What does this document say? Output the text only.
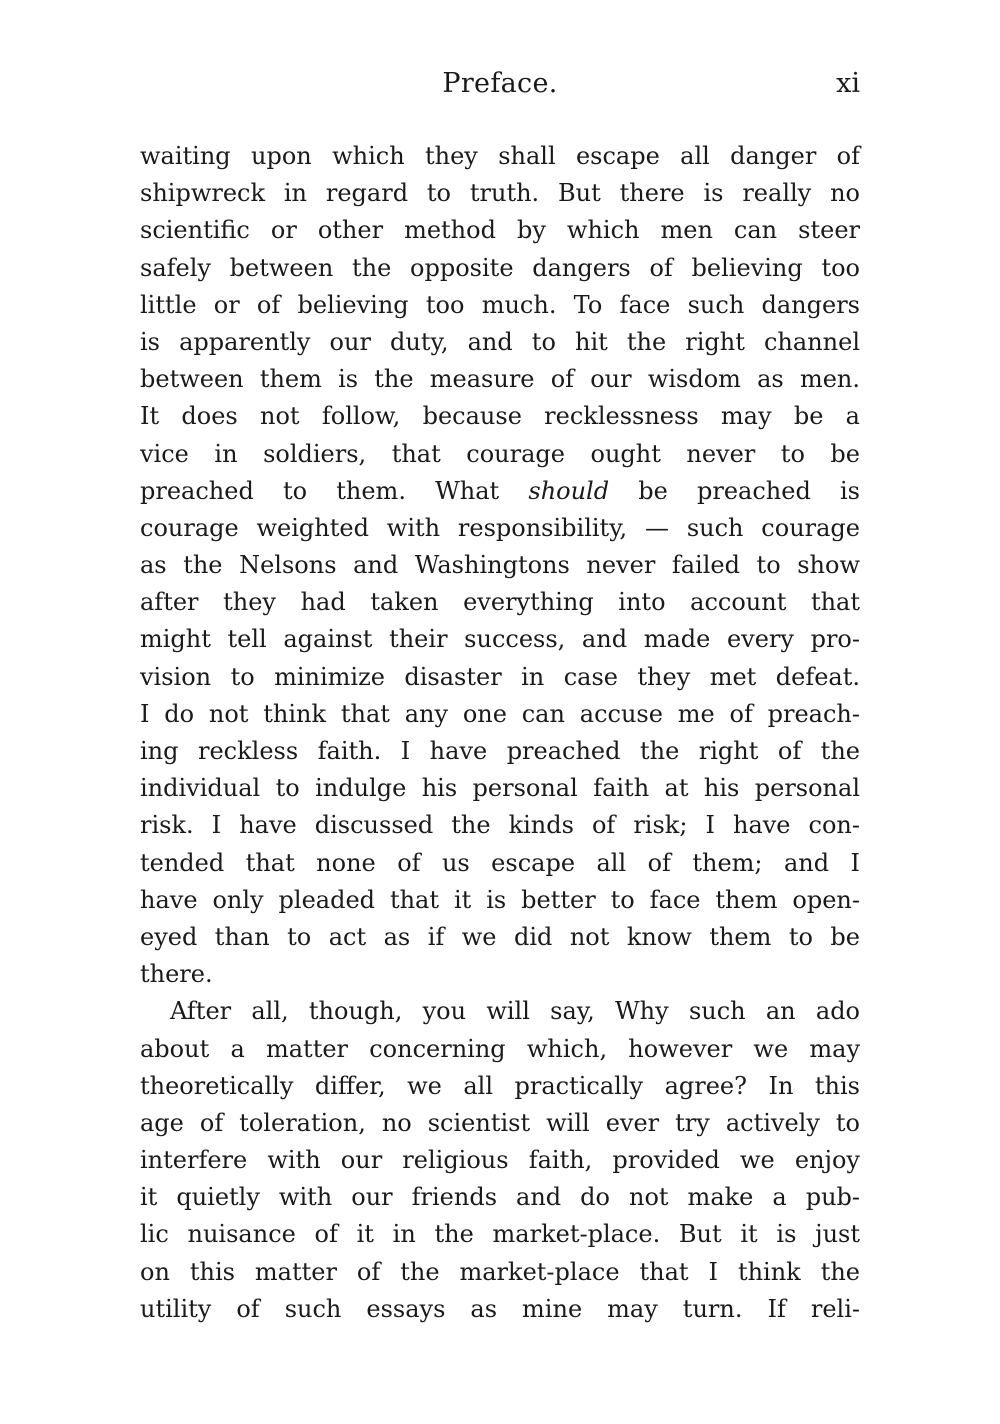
Preface.	xi
waiting upon which they shall escape all danger of
shipwreck in regard to truth. But there is really no
scientific or other method by which men can steer
safely between the opposite dangers of believing too
little or of believing too much. To face such dangers
is apparently our duty, and to hit the right channel
between them is the measure of our wisdom as men.
It does not follow, because recklessness may be a
vice in soldiers, that courage ought never to be
preached to them. What should be preached is
courage weighted with responsibility, — such courage
as the Nelsons and Washingtons never failed to show
after they had taken everything into account that
might tell against their success, and made every pro-
vision to minimize disaster in case they met defeat.
I do not think that any one can accuse me of preach-
ing reckless faith. I have preached the right of the
individual to indulge his personal faith at his personal
risk. I have discussed the kinds of risk; I have con-
tended that none of us escape all of them; and I
have only pleaded that it is better to face them open-
eyed than to act as if we did not know them to be
there.
After all, though, you will say, Why such an ado
about a matter concerning which, however we may
theoretically differ, we all practically agree? In this
age of toleration, no scientist will ever try actively to
interfere with our religious faith, provided we enjoy
it quietly with our friends and do not make a pub-
lic nuisance of it in the market-place. But it is just
on this matter of the market-place that I think the
utility of such essays as mine may turn. If reli-
